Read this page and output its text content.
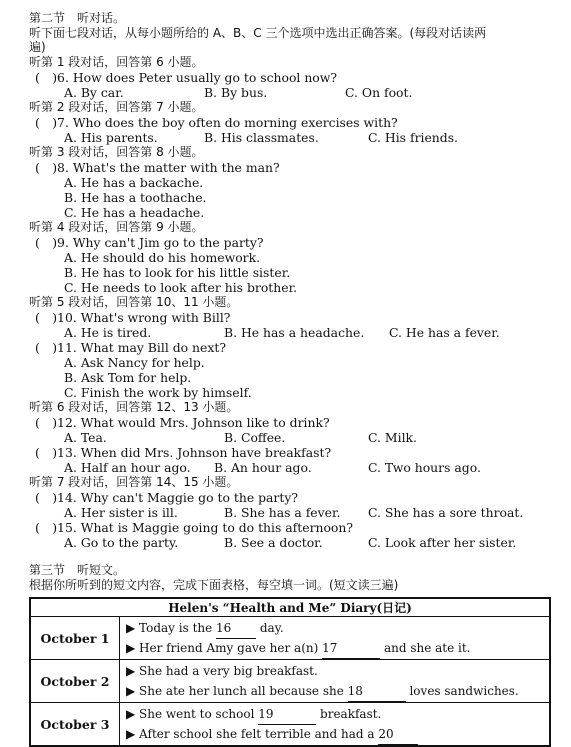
第二节　听对话。
听下面七段对话，从每小题所给的 A、B、C 三个选项中选出正确答案。(每段对话读两
遍)
听第 1 段对话，回答第 6 小题。
(　)6. How does Peter usually go to school now?
A. By car.	B. By bus.	C. On foot.
听第 2 段对话，回答第 7 小题。
(　)7. Who does the boy often do morning exercises with?
A. His parents.	B. His classmates.	C. His friends.
听第 3 段对话，回答第 8 小题。
(　)8. What's the matter with the man?
A. He has a backache.
B. He has a toothache.
C. He has a headache.
听第 4 段对话，回答第 9 小题。
(　)9. Why can't Jim go to the party?
A. He should do his homework.
B. He has to look for his little sister.
C. He needs to look after his brother.
听第 5 段对话，回答第 10、11 小题。
(　)10. What's wrong with Bill?
A. He is tired.	B. He has a headache. C. He has a fever.
(　)11. What may Bill do next?
A. Ask Nancy for help.
B. Ask Tom for help.
C. Finish the work by himself.
听第 6 段对话，回答第 12、13 小题。
(　)12. What would Mrs. Johnson like to drink?
A. Tea.	B. Coffee.	C. Milk.
(　)13. When did Mrs. Johnson have breakfast?
A. Half an hour ago. B. An hour ago.	C. Two hours ago.
听第 7 段对话，回答第 14、15 小题。
(　)14. Why can't Maggie go to the party?
A. Her sister is ill.	B. She has a fever. C. She has a sore throat.
(　)15. What is Maggie going to do this afternoon?
A. Go to the party.	B. See a doctor.	C. Look after her sister.
第三节　听短文。
根据你所听到的短文内容，完成下面表格，每空填一词。(短文读三遍)
Helen's “Health and Me” Diary(日记)	
October 1	▶ Today is the 16 day.
▶ Her friend Amy gave her a(n) 17 and she ate it.

October 2	▶ She had a very big breakfast.
▶ She ate her lunch all because she 18 loves sandwiches.

October 3	▶ She went to school 19 breakfast.
▶ After school she felt terrible and had a 20
